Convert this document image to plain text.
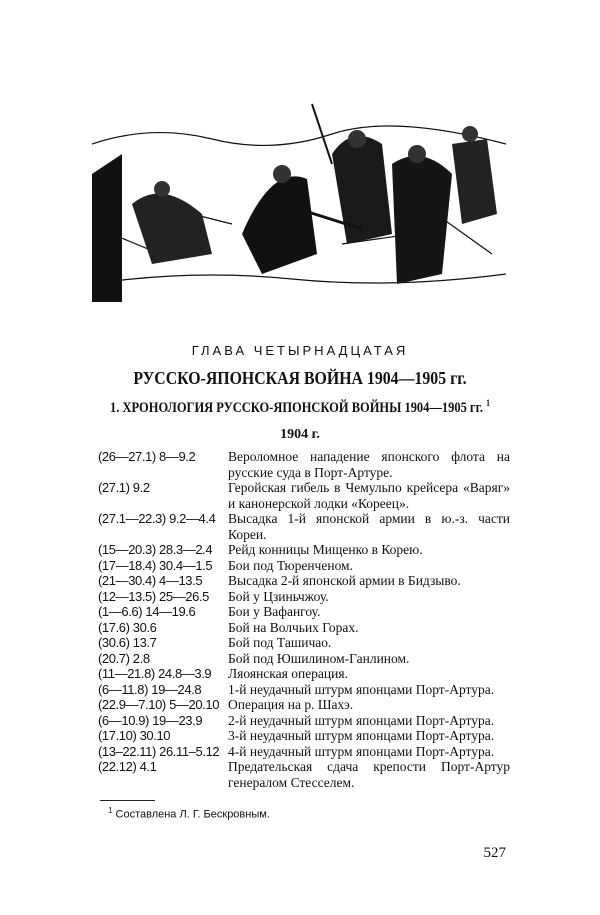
ГЛАВА ЧЕТЫРНАДЦАТАЯ
РУССКО-ЯПОНСКАЯ ВОЙНА 1904—1905 гг.
1. ХРОНОЛОГИЯ РУССКО-ЯПОНСКОЙ ВОЙНЫ 1904—1905 гг. $^1$
1904 г.
(26—27.1) 8—9.2	Вероломное нападение японского флота на русские суда в Порт-Артуре.
(27.1) 9.2	Геройская гибель в Чемульпо крейсера «Варяг» и канонерской лодки «Кореец».
(27.1—22.3) 9.2—4.4 Высадка 1-й японской армии в ю.-з. части Кореи.
(15—20.3) 28.3—2.4	Рейд конницы Мищенко в Корею.
(17—18.4) 30.4—1.5	Бои под Тюренченом.
(21—30.4) 4—13.5	Высадка 2-й японской армии в Бидзыво.
(12—13.5) 25—26.5	Бой у Цзиньчжоу.
(1—6.6) 14—19.6	Бои у Вафангоу.
(17.6) 30.6	Бой на Волчьих Горах.
(30.6) 13.7	Бой под Ташичао.
(20.7) 2.8	Бой под Юшилином-Ганлином.
(11—21.8) 24.8—3.9	Ляоянская операция.
(6—11.8) 19—24.8	1-й неудачный штурм японцами Порт-Артура.
(22.9—7.10) 5—20.10 Операция на р. Шахэ.
(6—10.9) 19—23.9	2-й неудачный штурм японцами Порт-Артура.
(17.10) 30.10	3-й неудачный штурм японцами Порт-Артура.
(13–22.11) 26.11–5.12 4-й неудачный штурм японцами Порт-Артура.
(22.12) 4.1	Предательская сдача крепости Порт-Артур генералом Стесселем.
$^1$ Составлена Л. Г. Бескровным.
527
